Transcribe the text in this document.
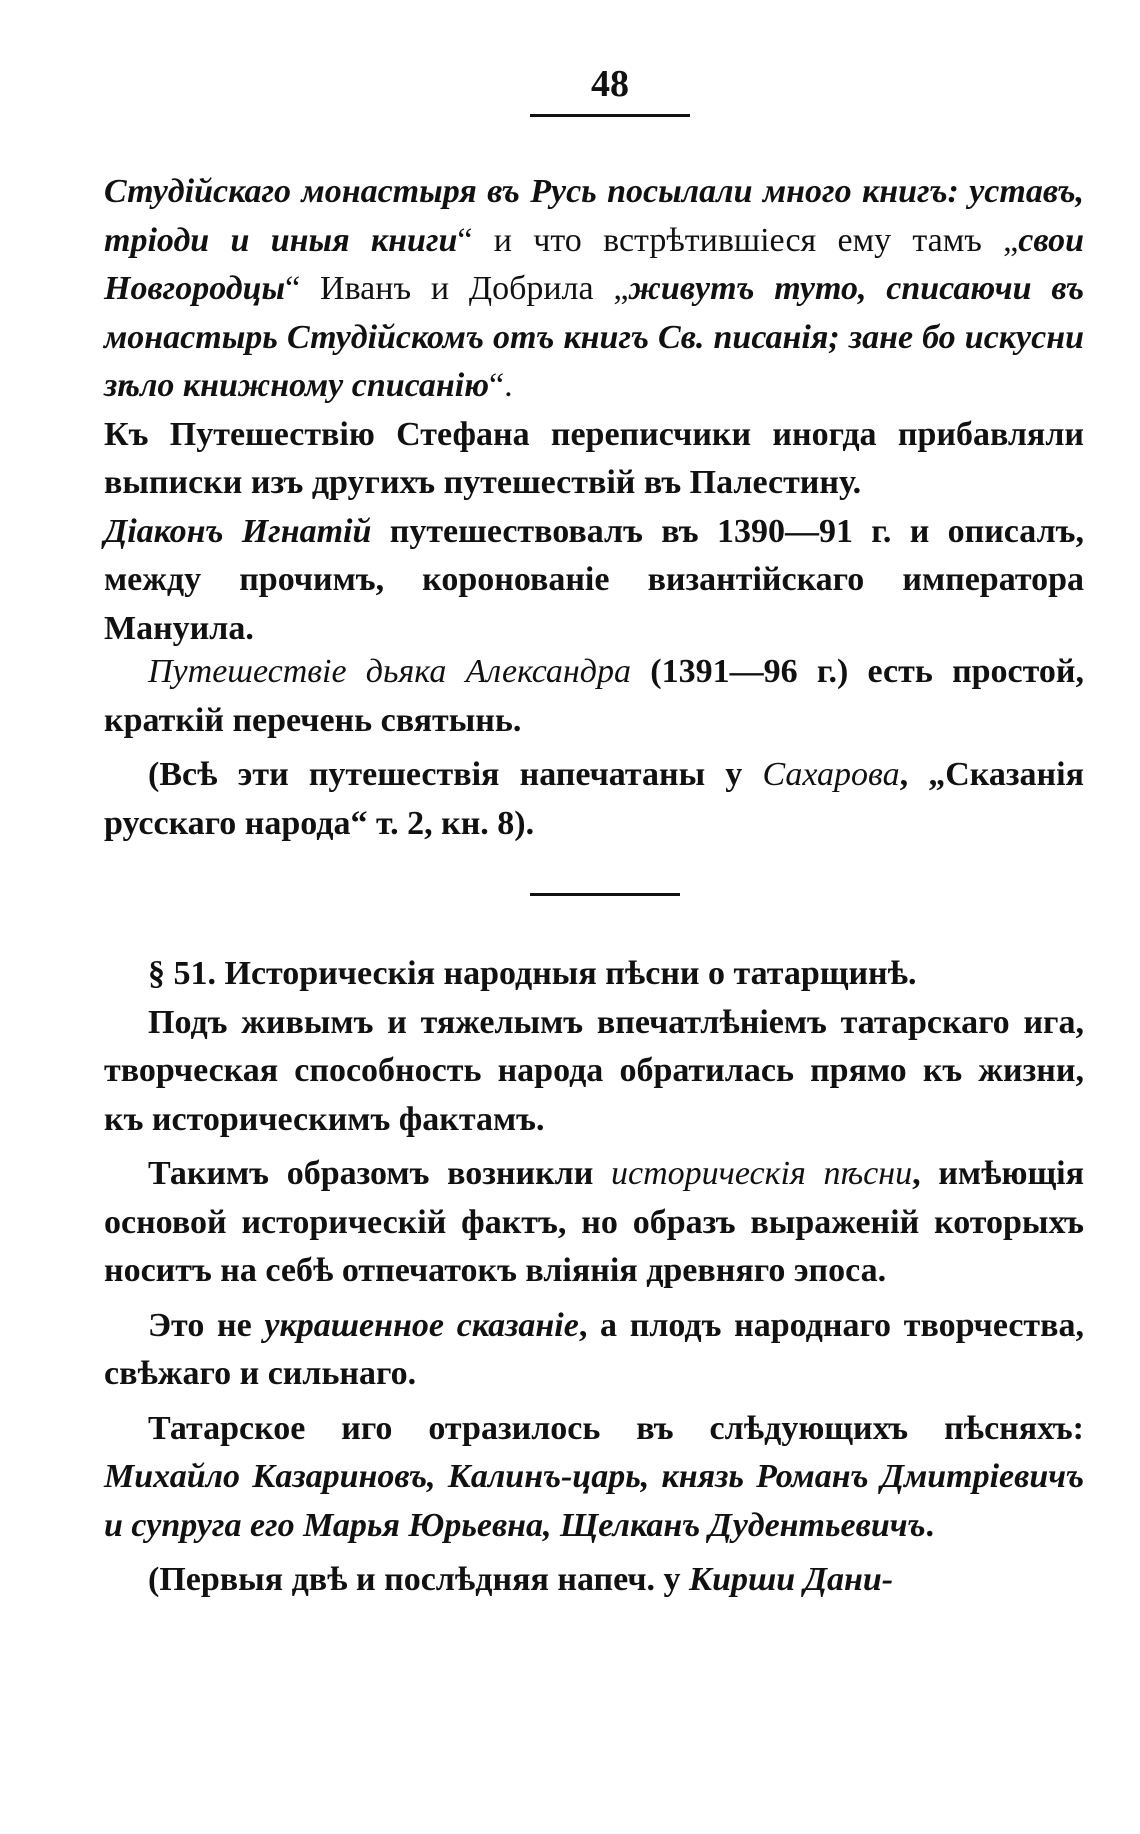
48

Студійскаго монастыря въ Русь посылали много книгъ: уставъ, тріоди и иныя книги“ и что встрѣтившіеся ему тамъ „свои Новгородцы“ Иванъ и Добрила „живутъ туто, списаючи въ монастырь Студійскомъ отъ книгъ Св. писанія; зане бо искусни зѣло книжному списанію“.

Къ Путешествію Стефана переписчики иногда прибавляли выписки изъ другихъ путешествій въ Палестину.

Діаконъ Игнатій путешествовалъ въ 1390—91 г. и описалъ, между прочимъ, коронованіе византійскаго императора Мануила.

Путешествіе дьяка Александра (1391—96 г.) есть простой, краткій перечень святынь.

(Всѣ эти путешествія напечатаны у Сахарова, „Сказанія русскаго народа“ т. 2, кн. 8).

§ 51. Историческія народныя пѣсни о татарщинѣ.

Подъ живымъ и тяжелымъ впечатлѣніемъ татарскаго ига, творческая способность народа обратилась прямо къ жизни, къ историческимъ фактамъ.

Такимъ образомъ возникли историческія пѣсни, имѣющія основой историческій фактъ, но образъ выраженій которыхъ носитъ на себѣ отпечатокъ вліянія древняго эпоса.

Это не украшенное сказаніе, а плодъ народнаго творчества, свѣжаго и сильнаго.

Татарское иго отразилось въ слѣдующихъ пѣсняхъ: Михайло Казариновъ, Калинъ-царь, князь Романъ Дмитріевичъ и супруга его Марья Юрьевна, Щелканъ Дудентьевичъ.

(Первыя двѣ и послѣдняя напеч. у Кирши Дани-
